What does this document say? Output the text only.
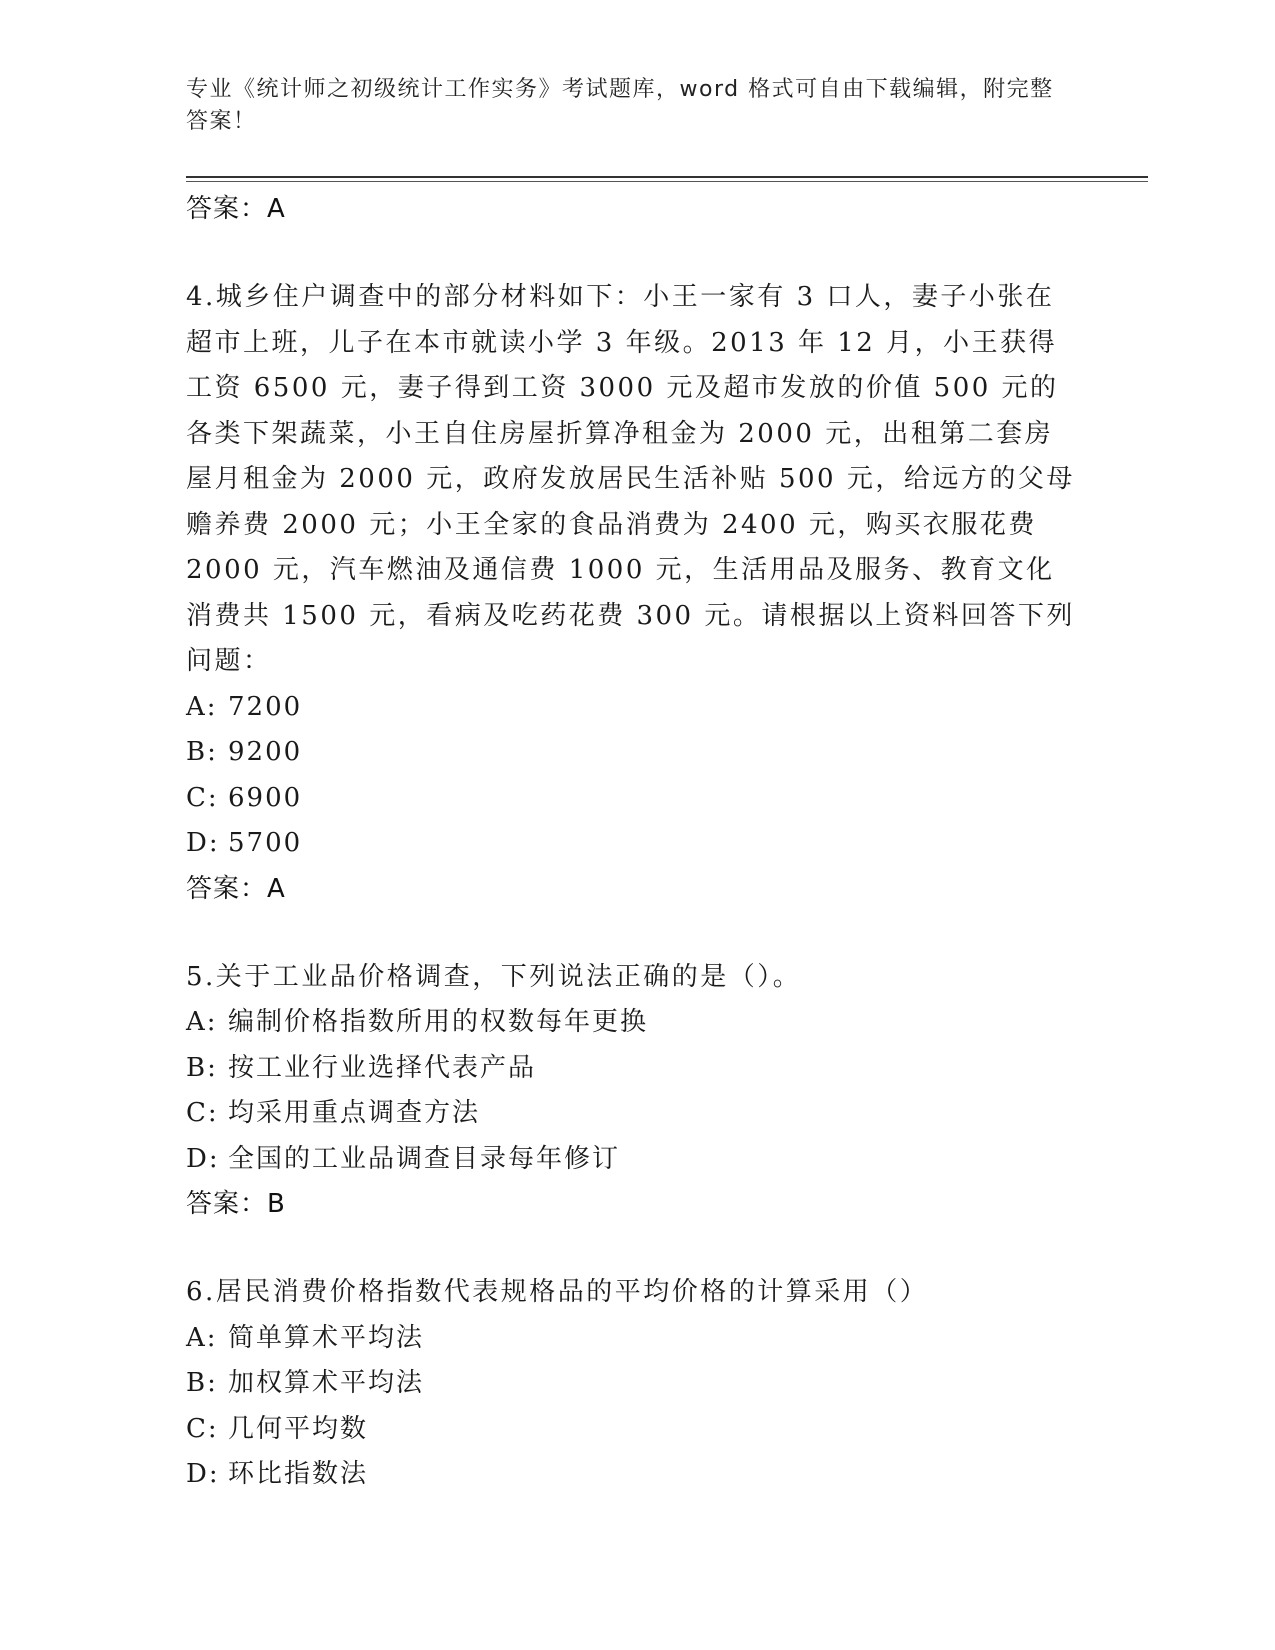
专业《统计师之初级统计工作实务》考试题库，word 格式可自由下载编辑，附完整答案！
答案：A
4.城乡住户调查中的部分材料如下：小王一家有 3 口人，妻子小张在超市上班，儿子在本市就读小学 3 年级。2013 年 12 月，小王获得工资 6500 元，妻子得到工资 3000 元及超市发放的价值 500 元的各类下架蔬菜，小王自住房屋折算净租金为 2000 元，出租第二套房屋月租金为 2000 元，政府发放居民生活补贴 500 元，给远方的父母赡养费 2000 元；小王全家的食品消费为 2400 元，购买衣服花费 2000 元，汽车燃油及通信费 1000 元，生活用品及服务、教育文化消费共 1500 元，看病及吃药花费 300 元。请根据以上资料回答下列问题：
A: 7200
B: 9200
C: 6900
D: 5700
答案：A
5.关于工业品价格调查，下列说法正确的是（）。
A: 编制价格指数所用的权数每年更换
B: 按工业行业选择代表产品
C: 均采用重点调查方法
D: 全国的工业品调查目录每年修订
答案：B
6.居民消费价格指数代表规格品的平均价格的计算采用（）
A: 简单算术平均法
B: 加权算术平均法
C: 几何平均数
D: 环比指数法
